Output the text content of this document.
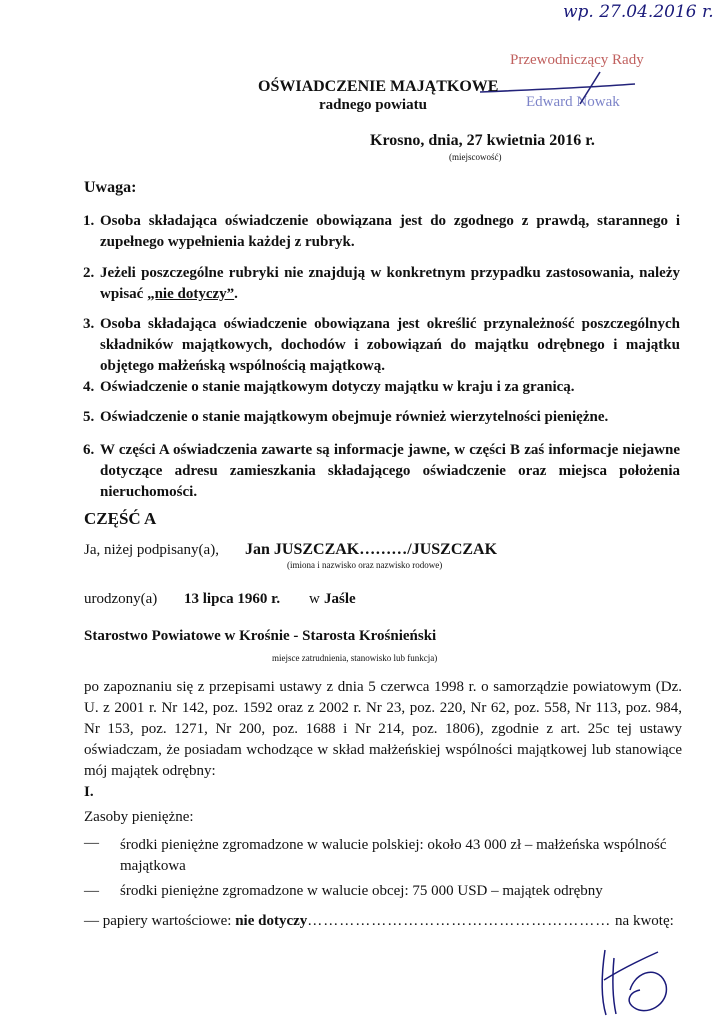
wp. 27.04.2016 r.
Przewodniczący Rady
Edward Nowak
OŚWIADCZENIE MAJĄTKOWE
radnego powiatu
Krosno, dnia, 27 kwietnia 2016 r.
(miejscowość)
Uwaga:
1. Osoba składająca oświadczenie obowiązana jest do zgodnego z prawdą, starannego i zupełnego wypełnienia każdej z rubryk.
2. Jeżeli poszczególne rubryki nie znajdują w konkretnym przypadku zastosowania, należy wpisać „nie dotyczy”.
3. Osoba składająca oświadczenie obowiązana jest określić przynależność poszczególnych składników majątkowych, dochodów i zobowiązań do majątku odrębnego i majątku objętego małżeńską wspólnością majątkową.
4. Oświadczenie o stanie majątkowym dotyczy majątku w kraju i za granicą.
5. Oświadczenie o stanie majątkowym obejmuje również wierzytelności pieniężne.
6. W części A oświadczenia zawarte są informacje jawne, w części B zaś informacje niejawne dotyczące adresu zamieszkania składającego oświadczenie oraz miejsca położenia nieruchomości.
CZĘŚĆ A
Ja, niżej podpisany(a), Jan JUSZCZAK………/JUSZCZAK
(imiona i nazwisko oraz nazwisko rodowe)
urodzony(a) 13 lipca 1960 r. w Jaśle
Starostwo Powiatowe w Krośnie - Starosta Krośnieński
miejsce zatrudnienia, stanowisko lub funkcja)
po zapoznaniu się z przepisami ustawy z dnia 5 czerwca 1998 r. o samorządzie powiatowym (Dz. U. z 2001 r. Nr 142, poz. 1592 oraz z 2002 r. Nr 23, poz. 220, Nr 62, poz. 558, Nr 113, poz. 984, Nr 153, poz. 1271, Nr 200, poz. 1688 i Nr 214, poz. 1806), zgodnie z art. 25c tej ustawy oświadczam, że posiadam wchodzące w skład małżeńskiej wspólności majątkowej lub stanowiące mój majątek odrębny:
I.
Zasoby pieniężne:
— środki pieniężne zgromadzone w walucie polskiej: około 43 000 zł – małżeńska wspólność majątkowa
— środki pieniężne zgromadzone w walucie obcej: 75 000 USD – majątek odrębny
— papiery wartościowe: nie dotyczy………………………………………………… na kwotę:
